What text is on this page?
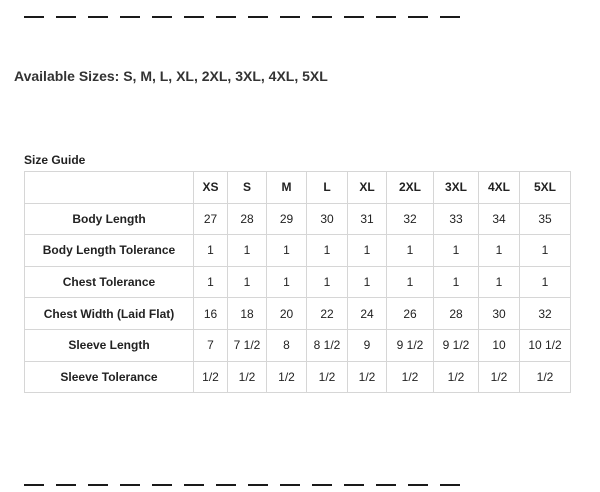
Available Sizes: S, M, L, XL, 2XL, 3XL, 4XL, 5XL
Size Guide
	XS	S	M	L	XL	2XL	3XL	4XL	5XL
Body Length	27	28	29	30	31	32	33	34	35
Body Length Tolerance	1	1	1	1	1	1	1	1	1
Chest Tolerance	1	1	1	1	1	1	1	1	1
Chest Width (Laid Flat)	16	18	20	22	24	26	28	30	32
Sleeve Length	7	7 1/2	8	8 1/2	9	9 1/2	9 1/2	10	10 1/2
Sleeve Tolerance	1/2	1/2	1/2	1/2	1/2	1/2	1/2	1/2	1/2
